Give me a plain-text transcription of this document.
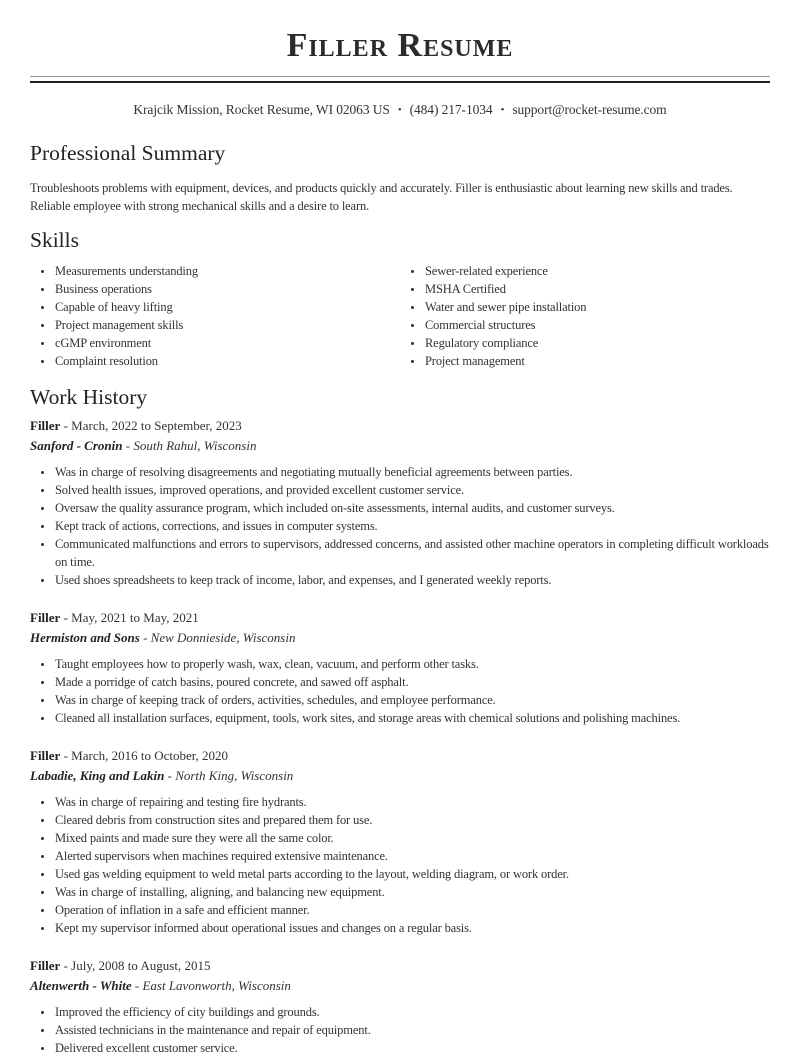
Filler Resume
Krajcik Mission, Rocket Resume, WI 02063 US • (484) 217-1034 • support@rocket-resume.com
Professional Summary

Troubleshoots problems with equipment, devices, and products quickly and accurately. Filler is enthusiastic about learning new skills and trades. Reliable employee with strong mechanical skills and a desire to learn.

Skills
• Measurements understanding
• Business operations
• Capable of heavy lifting
• Project management skills
• cGMP environment
• Complaint resolution
• Sewer-related experience
• MSHA Certified
• Water and sewer pipe installation
• Commercial structures
• Regulatory compliance
• Project management
Work History
Filler - March, 2022 to September, 2023
Sanford - Cronin - South Rahul, Wisconsin
• Was in charge of resolving disagreements and negotiating mutually beneficial agreements between parties.
• Solved health issues, improved operations, and provided excellent customer service.
• Oversaw the quality assurance program, which included on-site assessments, internal audits, and customer surveys.
• Kept track of actions, corrections, and issues in computer systems.
• Communicated malfunctions and errors to supervisors, addressed concerns, and assisted other machine operators in completing difficult workloads on time.
• Used shoes spreadsheets to keep track of income, labor, and expenses, and I generated weekly reports.
Filler - May, 2021 to May, 2021
Hermiston and Sons - New Donnieside, Wisconsin
• Taught employees how to properly wash, wax, clean, vacuum, and perform other tasks.
• Made a porridge of catch basins, poured concrete, and sawed off asphalt.
• Was in charge of keeping track of orders, activities, schedules, and employee performance.
• Cleaned all installation surfaces, equipment, tools, work sites, and storage areas with chemical solutions and polishing machines.
Filler - March, 2016 to October, 2020
Labadie, King and Lakin - North King, Wisconsin
• Was in charge of repairing and testing fire hydrants.
• Cleared debris from construction sites and prepared them for use.
• Mixed paints and made sure they were all the same color.
• Alerted supervisors when machines required extensive maintenance.
• Used gas welding equipment to weld metal parts according to the layout, welding diagram, or work order.
• Was in charge of installing, aligning, and balancing new equipment.
• Operation of inflation in a safe and efficient manner.
• Kept my supervisor informed about operational issues and changes on a regular basis.
Filler - July, 2008 to August, 2015
Altenwerth - White - East Lavonworth, Wisconsin
• Improved the efficiency of city buildings and grounds.
• Assisted technicians in the maintenance and repair of equipment.
• Delivered excellent customer service.
